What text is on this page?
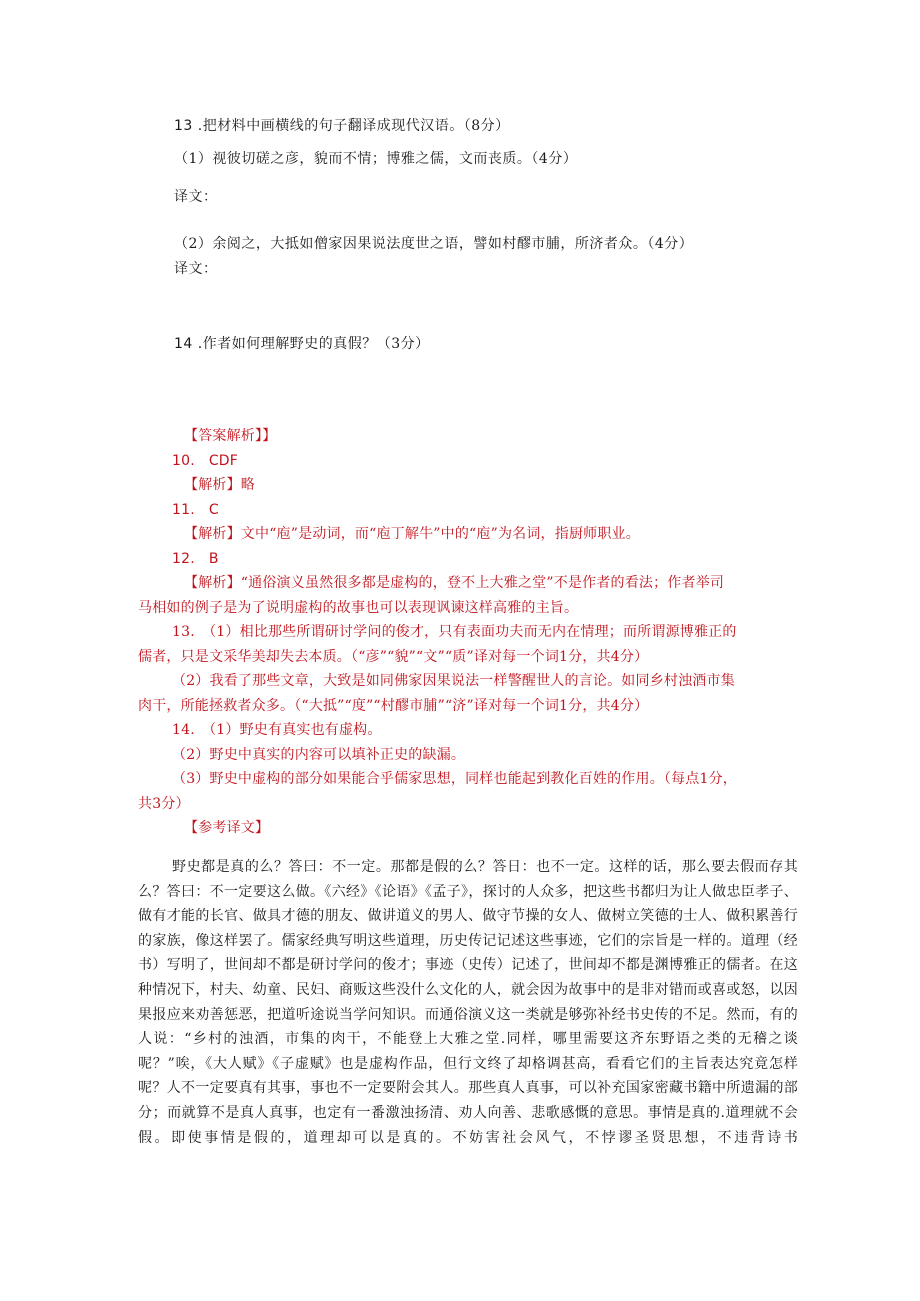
13 .把材料中画横线的句子翻译成现代汉语。（8分）
（1）视彼切磋之彦，貌而不情；博雅之儒，文而丧质。（4分）
译文：
（2）余阅之，大抵如僧家因果说法度世之语，譬如村醪市脯，所济者众。（4分）
译文：
14 .作者如何理解野史的真假？（3分）
【答案解析】】
10. CDF
【解析】略
11. C
【解析】文中“庖”是动词，而“庖丁解牛”中的“庖”为名词，指厨师职业。
12. B
【解析】“通俗演义虽然很多都是虚构的，登不上大雅之堂”不是作者的看法；作者举司
马相如的例子是为了说明虚构的故事也可以表现讽谏这样高雅的主旨。
13.　（1）相比那些所谓研讨学问的俊才，只有表面功夫而无内在情理；而所谓源博雅正的
儒者，只是文采华美却失去本质。（“彦”“貌”“文”“质”译对每一个词1分，共4分）
（2）我看了那些文章，大致是如同佛家因果说法一样警醒世人的言论。如同乡村浊酒市集
肉干，所能拯救者众多。（“大抵”“度”“村醪市脯”“济”译对每一个词1分，共4分）
14.　（1）野史有真实也有虚构。
（2）野史中真实的内容可以填补正史的缺漏。
（3）野史中虚构的部分如果能合乎儒家思想，同样也能起到教化百姓的作用。（每点1分，
共3分）
【参考译文】

野史都是真的么？答曰：不一定。那都是假的么？答日：也不一定。这样的话，那么要去假而存其么？答曰：不一定要这么做。《六经》《论语》《孟子》，探讨的人众多，把这些书都归为让人做忠臣孝子、做有才能的长官、做具才德的朋友、做讲道义的男人、做守节操的女人、做树立笑德的士人、做积累善行的家族，像这样罢了。儒家经典写明这些道理，历史传记记述这些事迹，它们的宗旨是一样的。道理（经书）写明了，世间却不都是研讨学问的俊才；事迹（史传）记述了，世间却不都是渊博雅正的儒者。在这种情况下，村夫、幼童、民妇、商贩这些没什么文化的人，就会因为故事中的是非对错而或喜或怒，以因果报应来劝善惩恶，把道听途说当学问知识。而通俗演义这一类就是够弥补经书史传的不足。然而，有的人说：“乡村的浊酒，市集的肉干，不能登上大雅之堂.同样，哪里需要这齐东野语之类的无稽之谈呢？”唉，《大人赋》《子虚赋》也是虚构作品，但行文终了却格调甚高，看看它们的主旨表达究竟怎样呢？人不一定要真有其事，事也不一定要附会其人。那些真人真事，可以补充国家密藏书籍中所遗漏的部分；而就算不是真人真事，也定有一番激浊扬清、劝人向善、悲歌感慨的意思。事情是真的.道理就不会假。即使事情是假的，道理却可以是真的。不妨害社会风气，不悖谬圣贤思想，不违背诗书
